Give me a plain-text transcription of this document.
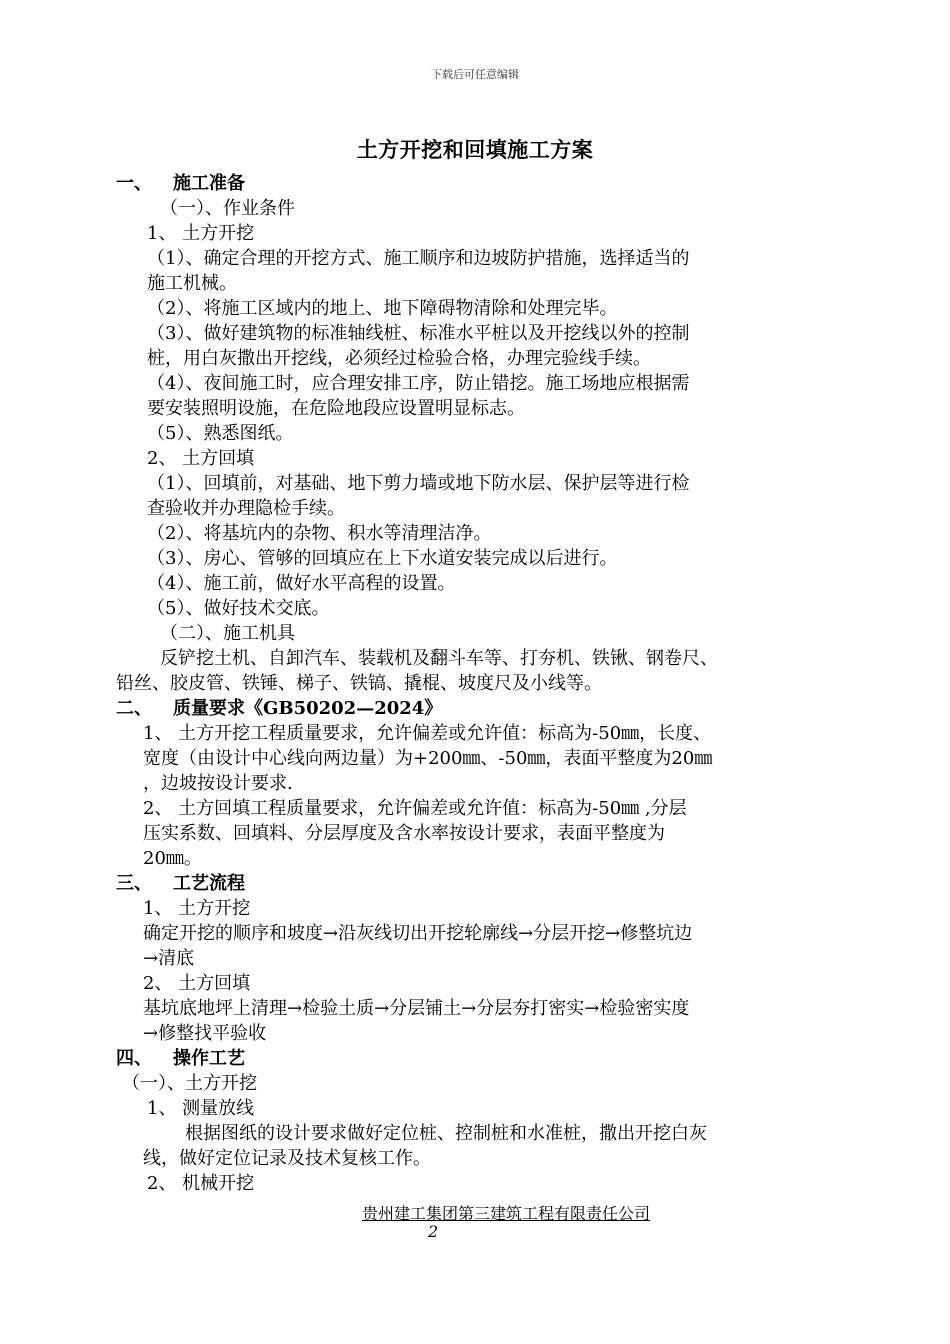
下载后可任意编辑
土方开挖和回填施工方案
一、 施工准备
（一）、作业条件
1、 土方开挖
（1）、确定合理的开挖方式、施工顺序和边坡防护措施，选择适当的
施工机械。
（2）、将施工区域内的地上、地下障碍物清除和处理完毕。
（3）、做好建筑物的标准轴线桩、标准水平桩以及开挖线以外的控制
桩，用白灰撒出开挖线，必须经过检验合格，办理完验线手续。
（4）、夜间施工时，应合理安排工序，防止错挖。施工场地应根据需
要安装照明设施，在危险地段应设置明显标志。
（5）、熟悉图纸。
2、 土方回填
（1）、回填前，对基础、地下剪力墙或地下防水层、保护层等进行检
查验收并办理隐检手续。
（2）、将基坑内的杂物、积水等清理洁净。
（3）、房心、管够的回填应在上下水道安装完成以后进行。
（4）、施工前，做好水平高程的设置。
（5）、做好技术交底。
（二）、施工机具
反铲挖土机、自卸汽车、装载机及翻斗车等、打夯机、铁锹、钢卷尺、
铅丝、胶皮管、铁锤、梯子、铁镐、撬棍、坡度尺及小线等。
二、 质量要求《GB50202—2024》
1、 土方开挖工程质量要求，允许偏差或允许值：标高为-50㎜，长度、
宽度（由设计中心线向两边量）为+200㎜、-50㎜，表面平整度为20㎜
，边坡按设计要求.
2、 土方回填工程质量要求，允许偏差或允许值：标高为-50㎜ ,分层
压实系数、回填料、分层厚度及含水率按设计要求，表面平整度为
20㎜。
三、 工艺流程
1、 土方开挖
确定开挖的顺序和坡度→沿灰线切出开挖轮廓线→分层开挖→修整坑边
→清底
2、 土方回填
基坑底地坪上清理→检验土质→分层铺土→分层夯打密实→检验密实度
→修整找平验收
四、 操作工艺
（一）、土方开挖
1、 测量放线
根据图纸的设计要求做好定位桩、控制桩和水准桩，撒出开挖白灰
线，做好定位记录及技术复核工作。
2、 机械开挖
贵州建工集团第三建筑工程有限责任公司
2
